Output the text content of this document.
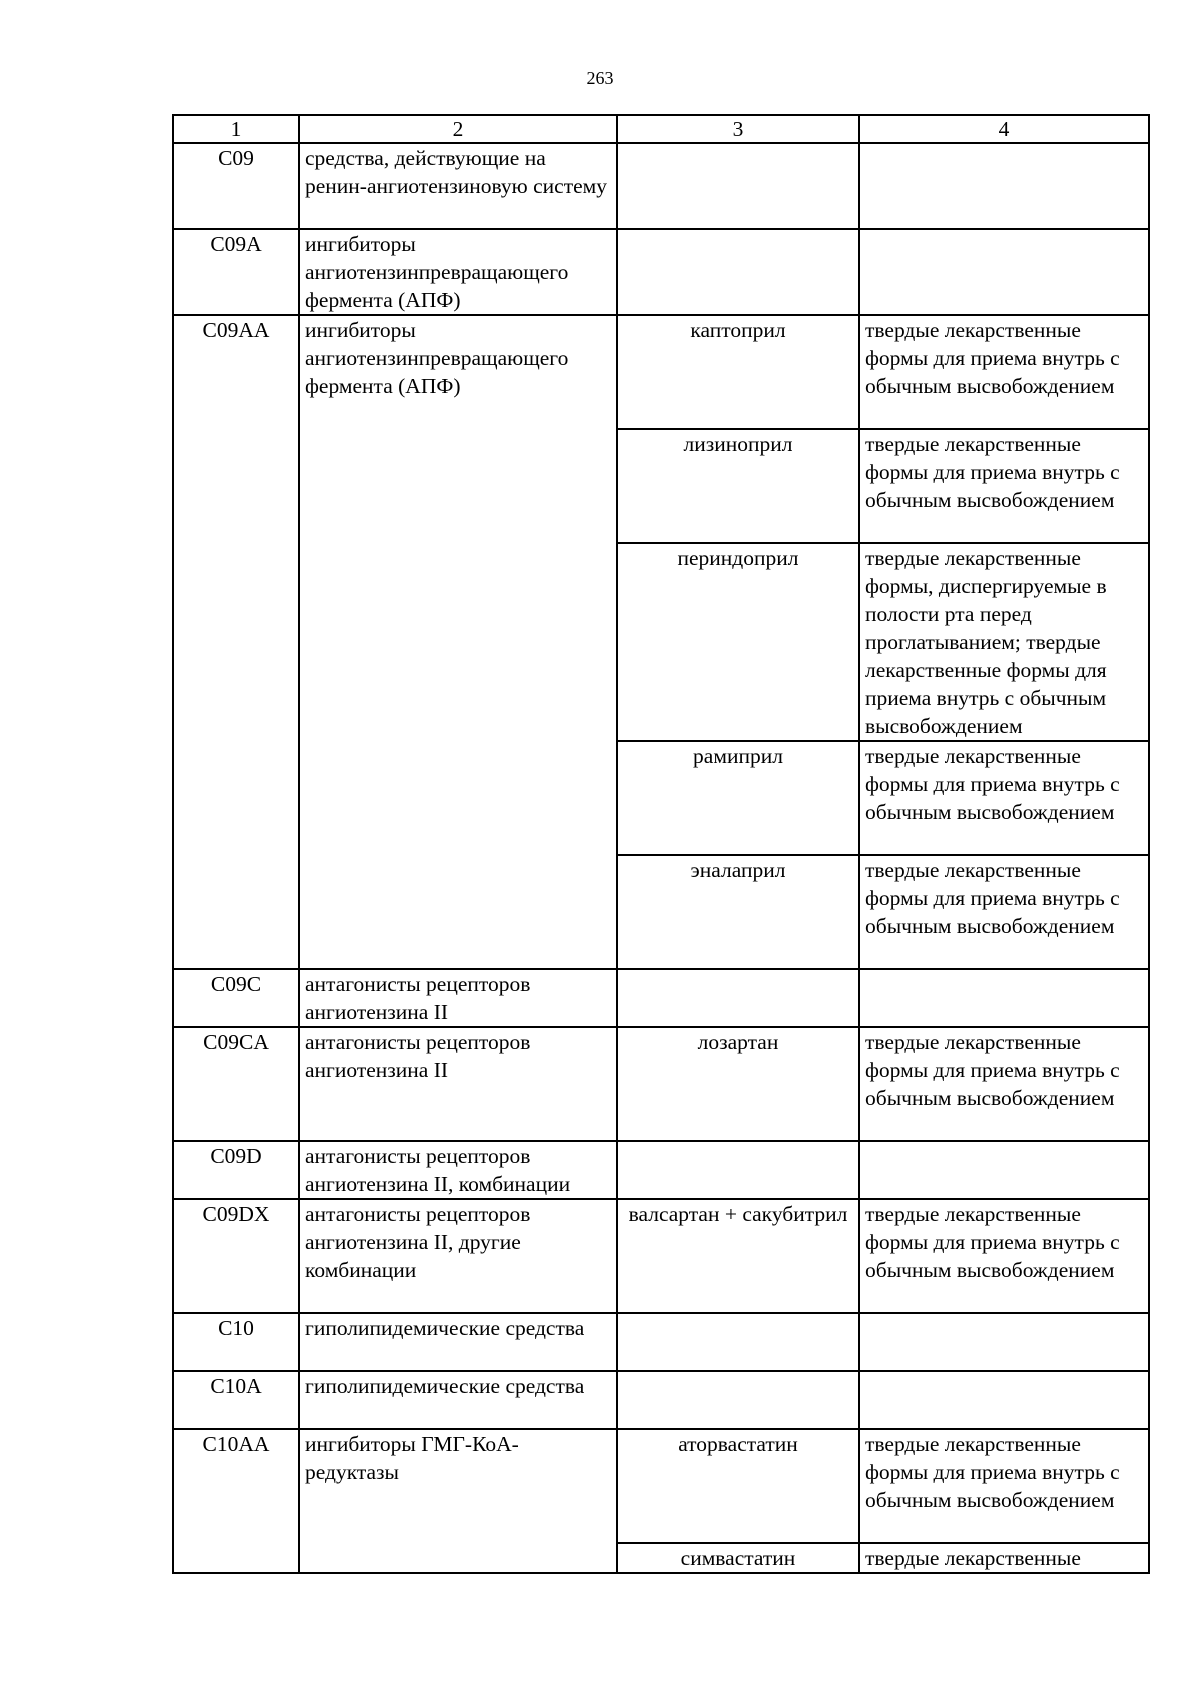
263
1	2	3	4
C09	средства, действующие на ренин-ангиотензиновую систему		
C09A	ингибиторы ангиотензинпревращающего фермента (АПФ)		
C09AA	ингибиторы ангиотензинпревращающего фермента (АПФ)	каптоприл	твердые лекарственные формы для приема внутрь с обычным высвобождением
		лизиноприл	твердые лекарственные формы для приема внутрь с обычным высвобождением
		периндоприл	твердые лекарственные формы, диспергируемые в полости рта перед проглатыванием; твердые лекарственные формы для приема внутрь с обычным высвобождением
		рамиприл	твердые лекарственные формы для приема внутрь с обычным высвобождением
		эналаприл	твердые лекарственные формы для приема внутрь с обычным высвобождением
C09C	антагонисты рецепторов ангиотензина II		
C09CA	антагонисты рецепторов ангиотензина II	лозартан	твердые лекарственные формы для приема внутрь с обычным высвобождением
C09D	антагонисты рецепторов ангиотензина II, комбинации		
C09DX	антагонисты рецепторов ангиотензина II, другие комбинации	валсартан + сакубитрил	твердые лекарственные формы для приема внутрь с обычным высвобождением
C10	гиполипидемические средства		
C10A	гиполипидемические средства		
C10AA	ингибиторы ГМГ-КоА-редуктазы	аторвастатин	твердые лекарственные формы для приема внутрь с обычным высвобождением
		симвастатин	твердые лекарственные
